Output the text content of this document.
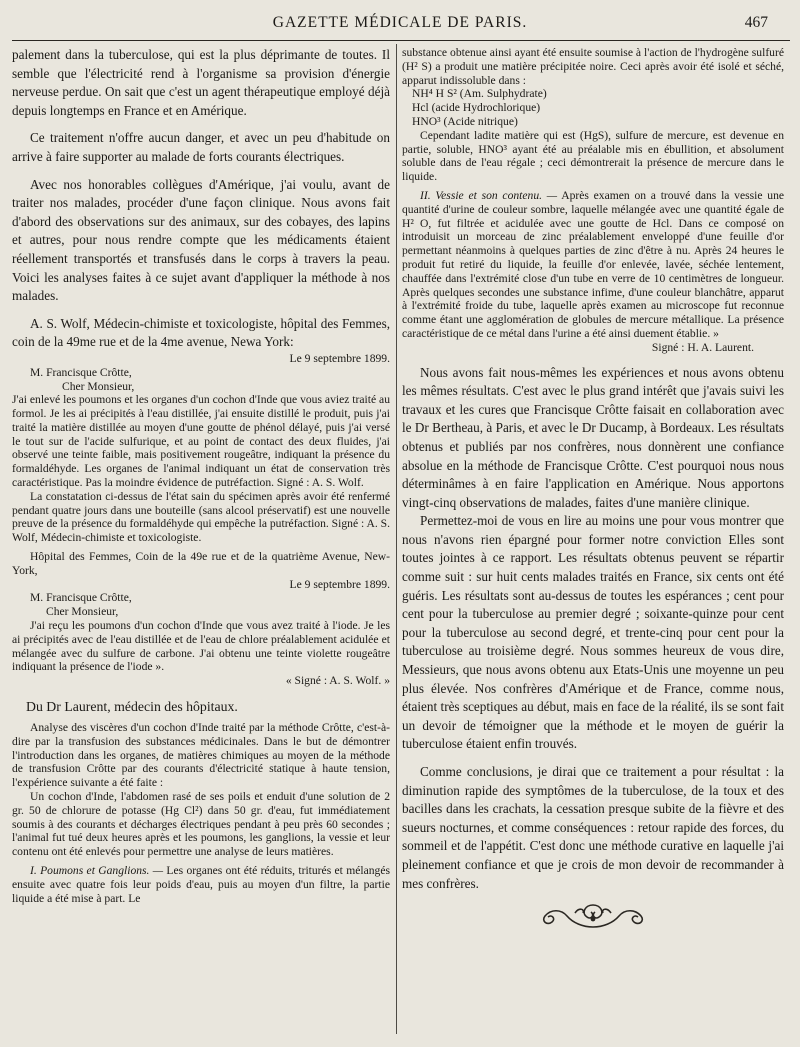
GAZETTE MÉDICALE DE PARIS.	467

palement dans la tuberculose, qui est la plus déprimante de toutes. Il semble que l'électricité rend à l'organisme sa provision d'énergie nerveuse perdue. On sait que c'est un agent thérapeutique employé déjà depuis longtemps en France et en Amérique.

Ce traitement n'offre aucun danger, et avec un peu d'habitude on arrive à faire supporter au malade de forts courants électriques.

Avec nos honorables collègues d'Amérique, j'ai voulu, avant de traiter nos malades, procéder d'une façon clinique. Nous avons fait d'abord des observations sur des animaux, sur des cobayes, des lapins et autres, pour nous rendre compte que les médicaments étaient réellement transportés et transfusés dans le corps à travers la peau. Voici les analyses faites à ce sujet avant d'appliquer la méthode à nos malades.

A. S. Wolf, Médecin-chimiste et toxicologiste, hôpital des Femmes, coin de la 49me rue et de la 4me avenue, Newa York:

Le 9 septembre 1899.

M. Francisque Crôtte,

Cher Monsieur,

J'ai enlevé les poumons et les organes d'un cochon d'Inde que vous aviez traité au formol. Je les ai précipités à l'eau distillée, j'ai ensuite distillé le produit, puis j'ai traité la matière distillée au moyen d'une goutte de phénol délayé, puis j'ai versé le tout sur de l'acide sulfurique, et au point de contact des deux fluides, j'ai observé une teinte faible, mais positivement rougeâtre, indiquant la présence du formaldéhyde. Les organes de l'animal indiquant un état de conservation très caractéristique. Pas la moindre évidence de putréfaction. Signé : A. S. Wolf.

La constatation ci-dessus de l'état sain du spécimen après avoir été renfermé pendant quatre jours dans une bouteille (sans alcool préservatif) est une nouvelle preuve de la présence du formaldéhyde qui empêche la putréfaction. Signé : A. S. Wolf, Médecin-chimiste et toxicologiste.

Hôpital des Femmes, Coin de la 49e rue et de la quatrième Avenue, New-York,

Le 9 septembre 1899.

M. Francisque Crôtte,

Cher Monsieur,

J'ai reçu les poumons d'un cochon d'Inde que vous avez traité à l'iode. Je les ai précipités avec de l'eau distillée et de l'eau de chlore préalablement acidulée et mélangée avec du sulfure de carbone. J'ai obtenu une teinte violette rougeâtre indiquant la présence de l'iode ».

« Signé : A. S. Wolf. »

Du Dr Laurent, médecin des hôpitaux.

Analyse des viscères d'un cochon d'Inde traité par la méthode Crôtte, c'est-à-dire par la transfusion des substances médicinales. Dans le but de démontrer l'introduction dans les organes, de matières chimiques au moyen de la méthode de transfusion Crôtte par des courants d'électricité statique à haute tension, l'expérience suivante a été faite :

Un cochon d'Inde, l'abdomen rasé de ses poils et enduit d'une solution de 2 gr. 50 de chlorure de potasse (Hg Cl²) dans 50 gr. d'eau, fut immédiatement soumis à des courants et décharges électriques pendant à peu près 60 secondes ; l'animal fut tué deux heures après et les poumons, les ganglions, la vessie et leur contenu ont été enlevés pour permettre une analyse de leurs matières.

I. Poumons et Ganglions. — Les organes ont été réduits, triturés et mélangés ensuite avec quatre fois leur poids d'eau, puis au moyen d'un filtre, la partie liquide a été mise à part. Le

substance obtenue ainsi ayant été ensuite soumise à l'action de l'hydrogène sulfuré (H² S) a produit une matière précipitée noire. Ceci après avoir été isolé et séché, apparut indissoluble dans :

NH⁴ H S² (Am. Sulphydrate)

Hcl (acide Hydrochlorique)

HNO³ (Acide nitrique)

Cependant ladite matière qui est (HgS), sulfure de mercure, est devenue en partie, soluble, HNO³ ayant été au préalable mis en ébullition, et absolument soluble dans de l'eau régale ; ceci démontrerait la présence de mercure dans le liquide.

II. Vessie et son contenu. — Après examen on a trouvé dans la vessie une quantité d'urine de couleur sombre, laquelle mélangée avec une quantité égale de H² O, fut filtrée et acidulée avec une goutte de Hcl. Dans ce composé on introduisit un morceau de zinc préalablement enveloppé d'une feuille d'or permettant néanmoins à quelques parties de zinc d'être à nu. Après 24 heures le produit fut retiré du liquide, la feuille d'or enlevée, lavée, séchée lentement, chauffée dans l'extrémité close d'un tube en verre de 10 centimètres de longueur. Après quelques secondes une substance infime, d'une couleur blanchâtre, apparut à l'extrémité froide du tube, laquelle après examen au microscope fut reconnue comme étant une agglomération de globules de mercure métallique. La présence caractéristique de ce métal dans l'urine a été ainsi duement établie. »

Signé : H. A. Laurent.

Nous avons fait nous-mêmes les expériences et nous avons obtenu les mêmes résultats. C'est avec le plus grand intérêt que j'avais suivi les travaux et les cures que Francisque Crôtte faisait en collaboration avec le Dr Bertheau, à Paris, et avec le Dr Ducamp, à Bordeaux. Les résultats obtenus et publiés par nos confrères, nous donnèrent une confiance absolue en la méthode de Francisque Crôtte. C'est pourquoi nous nous déterminâmes à en faire l'application en Amérique. Nous apportons vingt-cinq observations de malades, faites d'une manière clinique.

Permettez-moi de vous en lire au moins une pour vous montrer que nous n'avons rien épargné pour former notre conviction Elles sont toutes jointes à ce rapport. Les résultats obtenus peuvent se répartir comme suit : sur huit cents malades traités en France, six cents ont été guéris. Les résultats sont au-dessus de toutes les espérances ; cent pour cent pour la tuberculose au premier degré ; soixante-quinze pour cent pour la tuberculose au second degré, et trente-cinq pour cent pour la tuberculose au troisième degré. Nous sommes heureux de vous dire, Messieurs, que nous avons obtenu aux Etats-Unis une moyenne un peu plus élevée. Nos confrères d'Amérique et de France, comme nous, étaient très sceptiques au début, mais en face de la réalité, ils se sont fait un devoir de témoigner que la méthode et le moyen de guérir la tuberculose étaient enfin trouvés.

Comme conclusions, je dirai que ce traitement a pour résultat : la diminution rapide des symptômes de la tuberculose, de la toux et des bacilles dans les crachats, la cessation presque subite de la fièvre et des sueurs nocturnes, et comme conséquences : retour rapide des forces, du sommeil et de l'appétit. C'est donc une méthode curative en laquelle j'ai pleinement confiance et que je crois de mon devoir de recommander à mes confrères.
